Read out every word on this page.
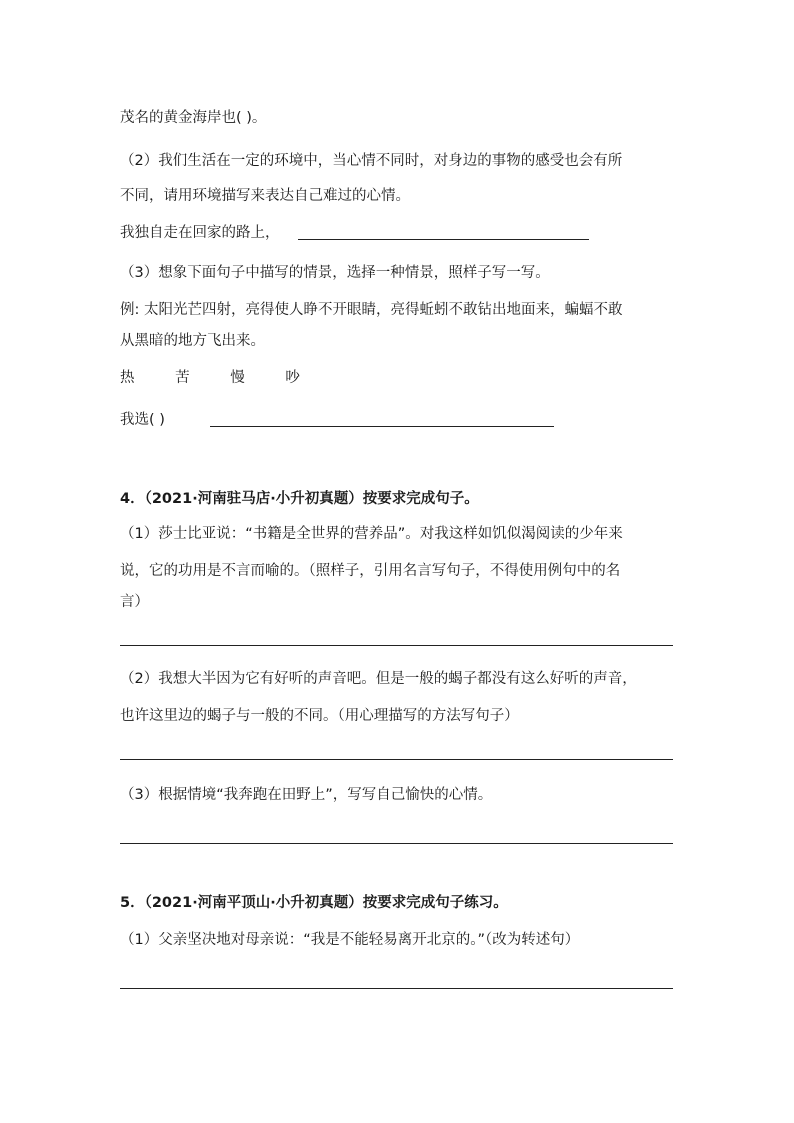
茂名的黄金海岸也( )。
（2）我们生活在一定的环境中，当心情不同时，对身边的事物的感受也会有所
不同，请用环境描写来表达自己难过的心情。
我独自走在回家的路上，
（3）想象下面句子中描写的情景，选择一种情景，照样子写一写。
例: 太阳光芒四射，亮得使人睁不开眼睛，亮得蚯蚓不敢钻出地面来，蝙蝠不敢
从黑暗的地方飞出来。
热	苦	慢	吵
我选( )
4．（2021·河南驻马店·小升初真题）按要求完成句子。
（1）莎士比亚说：“书籍是全世界的营养品”。对我这样如饥似渴阅读的少年来
说，它的功用是不言而喻的。（照样子，引用名言写句子，不得使用例句中的名
言）
（2）我想大半因为它有好听的声音吧。但是一般的蝎子都没有这么好听的声音，
也许这里边的蝎子与一般的不同。（用心理描写的方法写句子）
（3）根据情境“我奔跑在田野上”，写写自己愉快的心情。
5．（2021·河南平顶山·小升初真题）按要求完成句子练习。
（1）父亲坚决地对母亲说：“我是不能轻易离开北京的。”（改为转述句）
